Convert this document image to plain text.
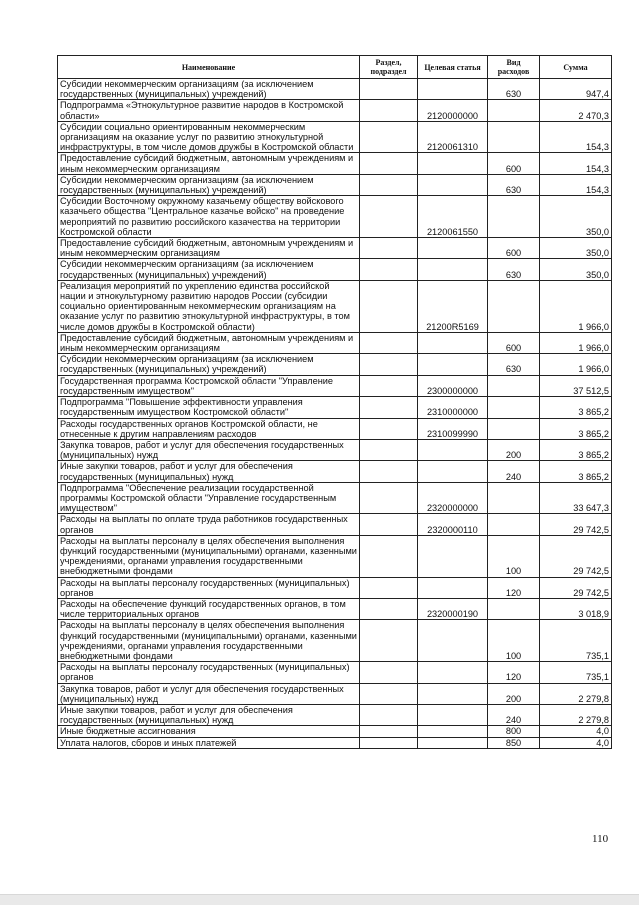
Наименование	Раздел, подраздел	Целевая статья	Вид расходов	Сумма
Субсидии некоммерческим организациям (за исключением государственных (муниципальных) учреждений)			630	947,4
Подпрограмма «Этнокультурное развитие народов в Костромской области»		2120000000		2 470,3
Субсидии социально ориентированным некоммерческим организациям на оказание услуг по развитию этнокультурной инфраструктуры, в том числе домов дружбы в Костромской области		2120061310		154,3
Предоставление субсидий бюджетным, автономным учреждениям и иным некоммерческим организациям			600	154,3
Субсидии некоммерческим организациям (за исключением государственных (муниципальных) учреждений)			630	154,3
Субсидии Восточному окружному казачьему обществу войскового казачьего общества "Центральное казачье войско" на проведение мероприятий по развитию российского казачества на территории Костромской области		2120061550		350,0
Предоставление субсидий бюджетным, автономным учреждениям и иным некоммерческим организациям			600	350,0
Субсидии некоммерческим организациям (за исключением государственных (муниципальных) учреждений)			630	350,0
Реализация мероприятий по укреплению единства российской нации и этнокультурному развитию народов России (субсидии социально ориентированным некоммерческим организациям на оказание услуг по развитию этнокультурной инфраструктуры, в том числе домов дружбы в Костромской области)		21200R5169		1 966,0
Предоставление субсидий бюджетным, автономным учреждениям и иным некоммерческим организациям			600	1 966,0
Субсидии некоммерческим организациям (за исключением государственных (муниципальных) учреждений)			630	1 966,0
Государственная программа Костромской области "Управление государственным имуществом"		2300000000		37 512,5
Подпрограмма "Повышение эффективности управления государственным имуществом Костромской области"		2310000000		3 865,2
Расходы государственных органов Костромской области, не отнесенные к другим направлениям расходов		2310099990		3 865,2
Закупка товаров, работ и услуг для обеспечения государственных (муниципальных) нужд			200	3 865,2
Иные закупки товаров, работ и услуг для обеспечения государственных (муниципальных) нужд			240	3 865,2
Подпрограмма "Обеспечение реализации государственной программы Костромской области "Управление государственным имуществом"		2320000000		33 647,3
Расходы на выплаты по оплате труда работников государственных органов		2320000110		29 742,5
Расходы на выплаты персоналу в целях обеспечения выполнения функций государственными (муниципальными) органами, казенными учреждениями, органами управления государственными внебюджетными фондами			100	29 742,5
Расходы на выплаты персоналу государственных (муниципальных) органов			120	29 742,5
Расходы на обеспечение функций государственных органов, в том числе территориальных органов		2320000190		3 018,9
Расходы на выплаты персоналу в целях обеспечения выполнения функций государственными (муниципальными) органами, казенными учреждениями, органами управления государственными внебюджетными фондами			100	735,1
Расходы на выплаты персоналу государственных (муниципальных) органов			120	735,1
Закупка товаров, работ и услуг для обеспечения государственных (муниципальных) нужд			200	2 279,8
Иные закупки товаров, работ и услуг для обеспечения государственных (муниципальных) нужд			240	2 279,8
Иные бюджетные ассигнования			800	4,0
Уплата налогов, сборов и иных платежей			850	4,0
110
